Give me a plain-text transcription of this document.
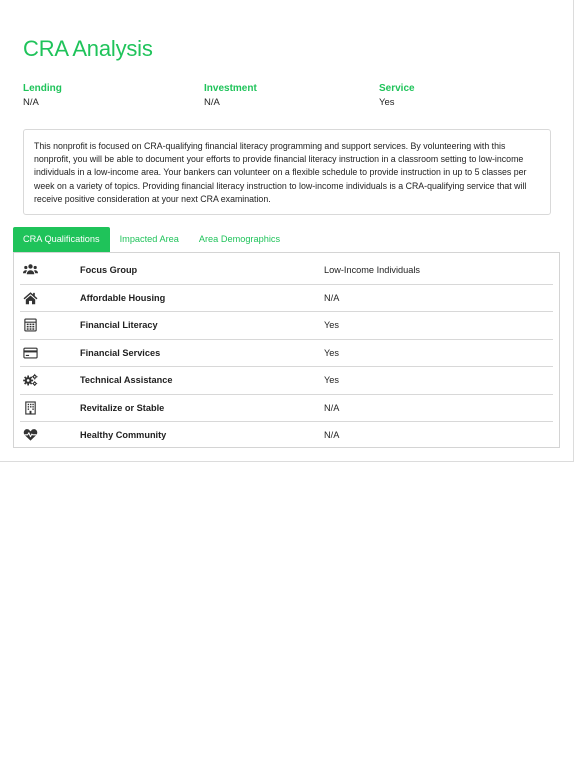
CRA Analysis
Lending
N/A
Investment
N/A
Service
Yes
This nonprofit is focused on CRA-qualifying financial literacy programming and support services. By volunteering with this nonprofit, you will be able to document your efforts to provide financial literacy instruction in a classroom setting to low-income individuals in a low-income area. Your bankers can volunteer on a flexible schedule to provide instruction in up to 5 classes per week on a variety of topics. Providing financial literacy instruction to low-income individuals is a CRA-qualifying service that will receive positive consideration at your next CRA examination.
CRA Qualifications	Impacted Area	Area Demographics
Focus Group	Low-Income Individuals
Affordable Housing	N/A
Financial Literacy	Yes
Financial Services	Yes
Technical Assistance	Yes
Revitalize or Stable	N/A
Healthy Community	N/A
